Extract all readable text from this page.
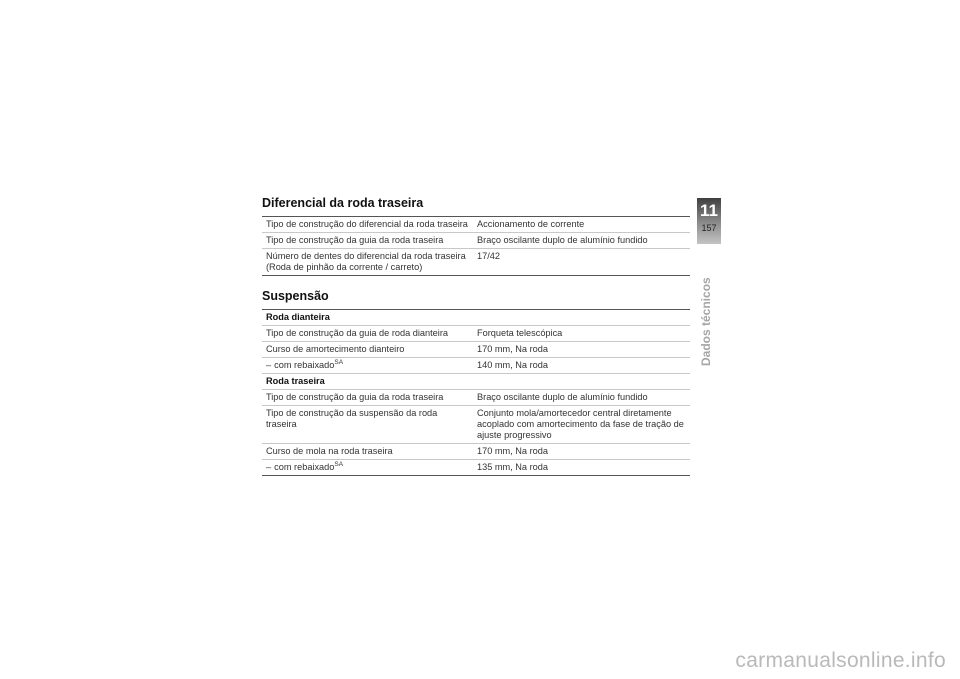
Diferencial da roda traseira
Tipo de construção do diferencial da roda traseira	Accionamento de corrente
Tipo de construção da guia da roda traseira	Braço oscilante duplo de alumínio fundido
Número de dentes do diferencial da roda traseira (Roda de pinhão da corrente / carreto)	17/42
Suspensão
Roda dianteira	
Tipo de construção da guia de roda dianteira	Forqueta telescópica
Curso de amortecimento dianteiro	170 mm, Na roda
– com rebaixado$^{SA}$	140 mm, Na roda
Roda traseira	
Tipo de construção da guia da roda traseira	Braço oscilante duplo de alumínio fundido
Tipo de construção da suspensão da roda traseira	Conjunto mola/amortecedor central diretamente acoplado com amortecimento da fase de tração de ajuste progressivo
Curso de mola na roda traseira	170 mm, Na roda
– com rebaixado$^{SA}$	135 mm, Na roda
11
157
Dados técnicos
carmanualsonline.info
